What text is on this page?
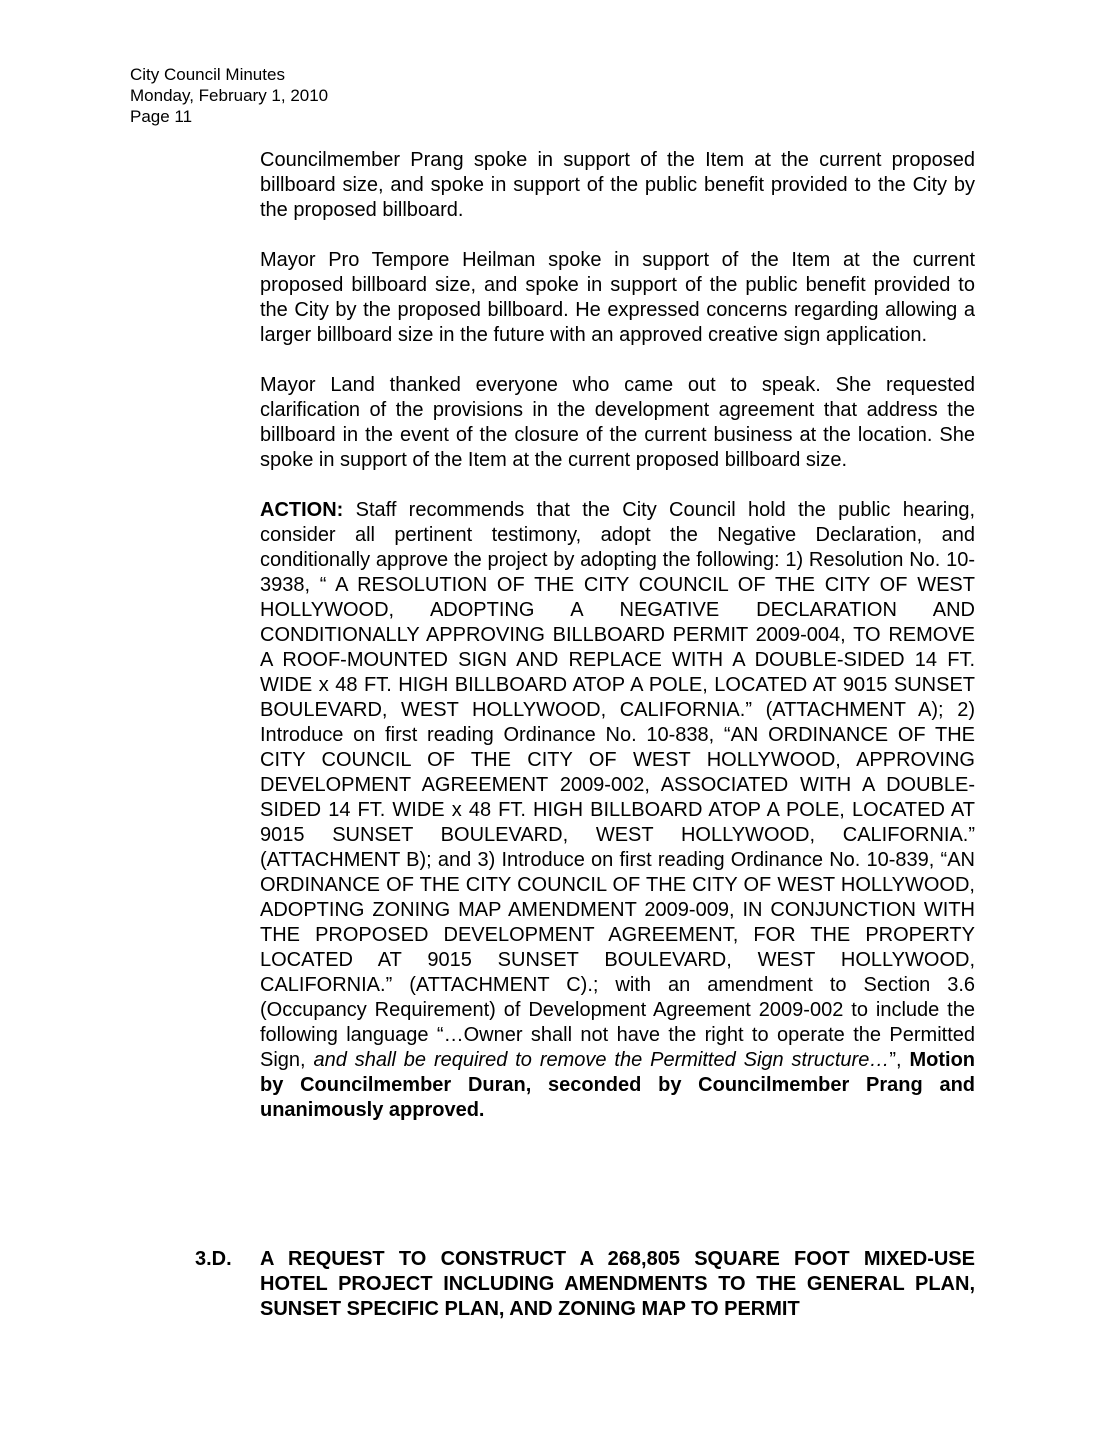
City Council Minutes
Monday, February 1, 2010
Page 11

Councilmember Prang spoke in support of the Item at the current proposed billboard size, and spoke in support of the public benefit provided to the City by the proposed billboard.

Mayor Pro Tempore Heilman spoke in support of the Item at the current proposed billboard size, and spoke in support of the public benefit provided to the City by the proposed billboard. He expressed concerns regarding allowing a larger billboard size in the future with an approved creative sign application.

Mayor Land thanked everyone who came out to speak. She requested clarification of the provisions in the development agreement that address the billboard in the event of the closure of the current business at the location. She spoke in support of the Item at the current proposed billboard size.

ACTION: Staff recommends that the City Council hold the public hearing, consider all pertinent testimony, adopt the Negative Declaration, and conditionally approve the project by adopting the following: 1) Resolution No. 10-3938, “ A RESOLUTION OF THE CITY COUNCIL OF THE CITY OF WEST HOLLYWOOD, ADOPTING A NEGATIVE DECLARATION AND CONDITIONALLY APPROVING BILLBOARD PERMIT 2009-004, TO REMOVE A ROOF-MOUNTED SIGN AND REPLACE WITH A DOUBLE-SIDED 14 FT. WIDE x 48 FT. HIGH BILLBOARD ATOP A POLE, LOCATED AT 9015 SUNSET BOULEVARD, WEST HOLLYWOOD, CALIFORNIA.” (ATTACHMENT A); 2) Introduce on first reading Ordinance No. 10-838, “AN ORDINANCE OF THE CITY COUNCIL OF THE CITY OF WEST HOLLYWOOD, APPROVING DEVELOPMENT AGREEMENT 2009-002, ASSOCIATED WITH A DOUBLE-SIDED 14 FT. WIDE x 48 FT. HIGH BILLBOARD ATOP A POLE, LOCATED AT 9015 SUNSET BOULEVARD, WEST HOLLYWOOD, CALIFORNIA.” (ATTACHMENT B); and 3) Introduce on first reading Ordinance No. 10-839, “AN ORDINANCE OF THE CITY COUNCIL OF THE CITY OF WEST HOLLYWOOD, ADOPTING ZONING MAP AMENDMENT 2009-009, IN CONJUNCTION WITH THE PROPOSED DEVELOPMENT AGREEMENT, FOR THE PROPERTY LOCATED AT 9015 SUNSET BOULEVARD, WEST HOLLYWOOD, CALIFORNIA.” (ATTACHMENT C).; with an amendment to Section 3.6 (Occupancy Requirement) of Development Agreement 2009-002 to include the following language “…Owner shall not have the right to operate the Permitted Sign, and shall be required to remove the Permitted Sign structure…”, Motion by Councilmember Duran, seconded by Councilmember Prang and unanimously approved.

3.D. A REQUEST TO CONSTRUCT A 268,805 SQUARE FOOT MIXED-USE HOTEL PROJECT INCLUDING AMENDMENTS TO THE GENERAL PLAN, SUNSET SPECIFIC PLAN, AND ZONING MAP TO PERMIT
